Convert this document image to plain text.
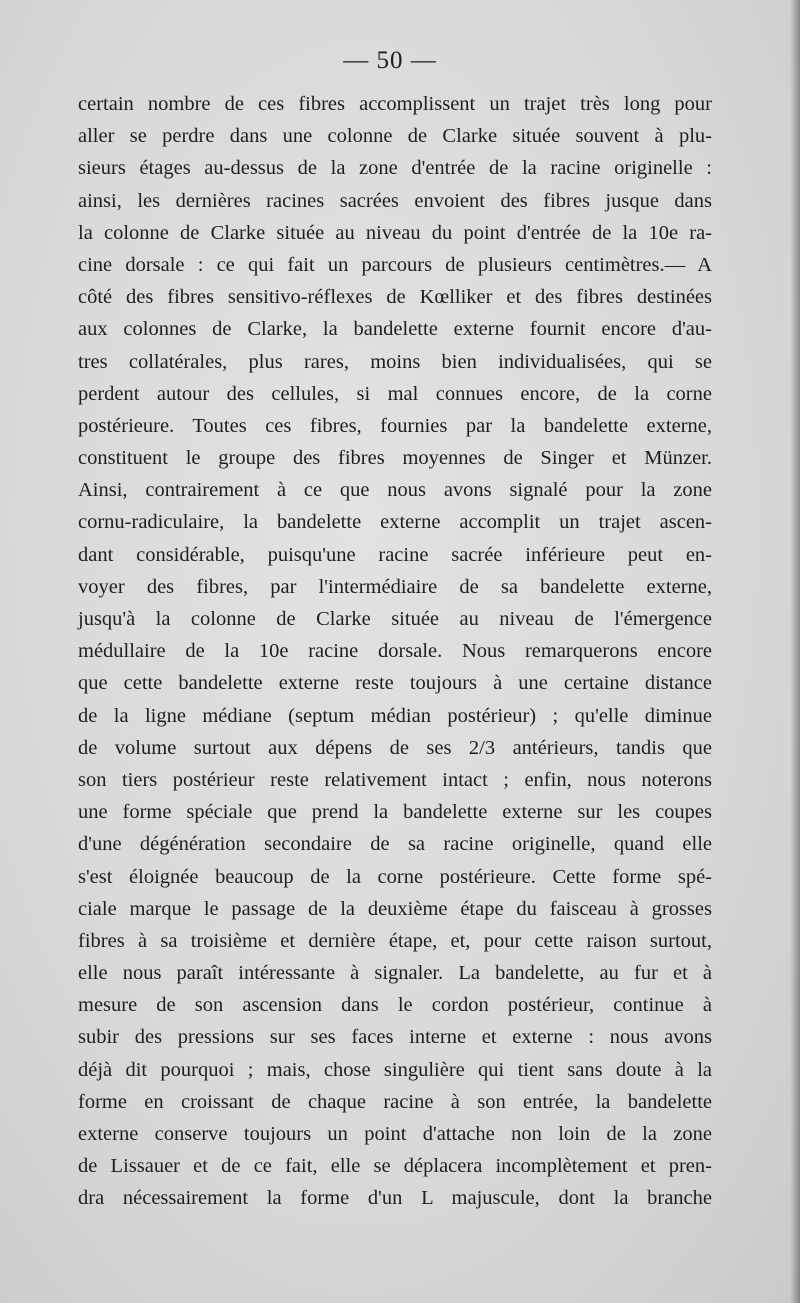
— 50 —
certain nombre de ces fibres accomplissent un trajet très long pour
aller se perdre dans une colonne de Clarke située souvent à plu-
sieurs étages au-dessus de la zone d'entrée de la racine originelle :
ainsi, les dernières racines sacrées envoient des fibres jusque dans
la colonne de Clarke située au niveau du point d'entrée de la 10e ra-
cine dorsale : ce qui fait un parcours de plusieurs centimètres.— A
côté des fibres sensitivo-réflexes de Kœlliker et des fibres destinées
aux colonnes de Clarke, la bandelette externe fournit encore d'au-
tres collatérales, plus rares, moins bien individualisées, qui se
perdent autour des cellules, si mal connues encore, de la corne
postérieure. Toutes ces fibres, fournies par la bandelette externe,
constituent le groupe des fibres moyennes de Singer et Münzer.
Ainsi, contrairement à ce que nous avons signalé pour la zone
cornu-radiculaire, la bandelette externe accomplit un trajet ascen-
dant considérable, puisqu'une racine sacrée inférieure peut en-
voyer des fibres, par l'intermédiaire de sa bandelette externe,
jusqu'à la colonne de Clarke située au niveau de l'émergence
médullaire de la 10e racine dorsale. Nous remarquerons encore
que cette bandelette externe reste toujours à une certaine distance
de la ligne médiane (septum médian postérieur) ; qu'elle diminue
de volume surtout aux dépens de ses 2/3 antérieurs, tandis que
son tiers postérieur reste relativement intact ; enfin, nous noterons
une forme spéciale que prend la bandelette externe sur les coupes
d'une dégénération secondaire de sa racine originelle, quand elle
s'est éloignée beaucoup de la corne postérieure. Cette forme spé-
ciale marque le passage de la deuxième étape du faisceau à grosses
fibres à sa troisième et dernière étape, et, pour cette raison surtout,
elle nous paraît intéressante à signaler. La bandelette, au fur et à
mesure de son ascension dans le cordon postérieur, continue à
subir des pressions sur ses faces interne et externe : nous avons
déjà dit pourquoi ; mais, chose singulière qui tient sans doute à la
forme en croissant de chaque racine à son entrée, la bandelette
externe conserve toujours un point d'attache non loin de la zone
de Lissauer et de ce fait, elle se déplacera incomplètement et pren-
dra nécessairement la forme d'un L majuscule, dont la branche
